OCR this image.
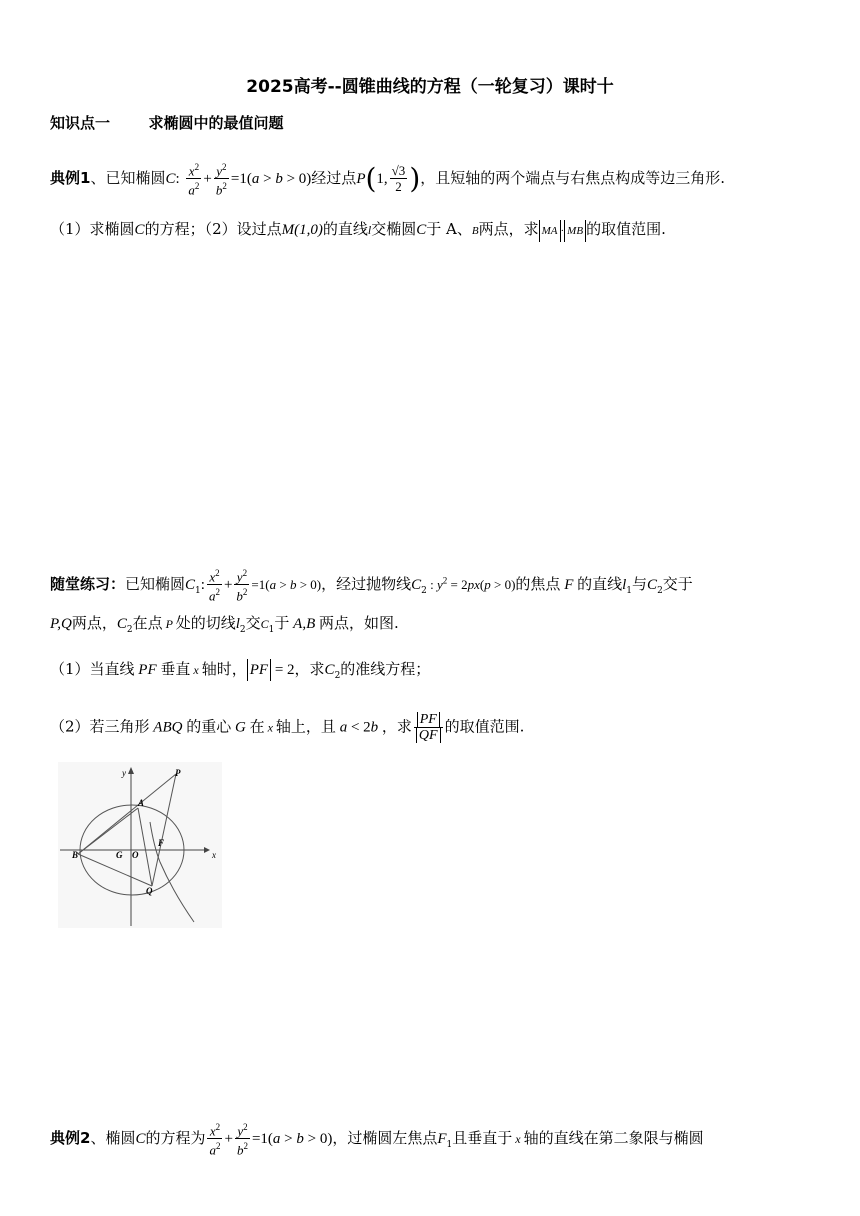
2025高考--圆锥曲线的方程（一轮复习）课时十
知识点一	求椭圆中的最值问题
典例1、已知椭圆C: $\frac{x^2}{a^2} + \frac{y^2}{b^2} =1(a > b > 0)$经过点P(1, $\frac{√3}{2}$ )，且短轴的两个端点与右焦点构成等边三角形.
（1）求椭圆C的方程；（2）设过点M(1,0)的直线l交椭圆C于 A、B两点，求 MA · MB 的取值范围.
随堂练习：已知椭圆$C_1$: $\frac{x^2}{a^2} + \frac{y^2}{b^2} =1(a > b > 0)$，经过抛物线$C_2$ : $y^2 = 2px(p > 0)$的焦点 F 的直线$l_1$与$C_2$交于
P,Q两点，$C_2$在点 P 处的切线$l_2$交$C_1$于 A,B 两点，如图.
（1）当直线 PF 垂直 x 轴时， PF = 2，求$C_2$的准线方程；
（2）若三角形 ABQ 的重心 G 在 x 轴上，且 a < 2b ，求 $\frac{PF}{QF}$ 的取值范围.
y
x
P
A
B	G O
F
Q
典例2、椭圆C的方程为 $\frac{x^2}{a^2} + \frac{y^2}{b^2} =1(a > b > 0)$，过椭圆左焦点$F_1$且垂直于 x 轴的直线在第二象限与椭圆
